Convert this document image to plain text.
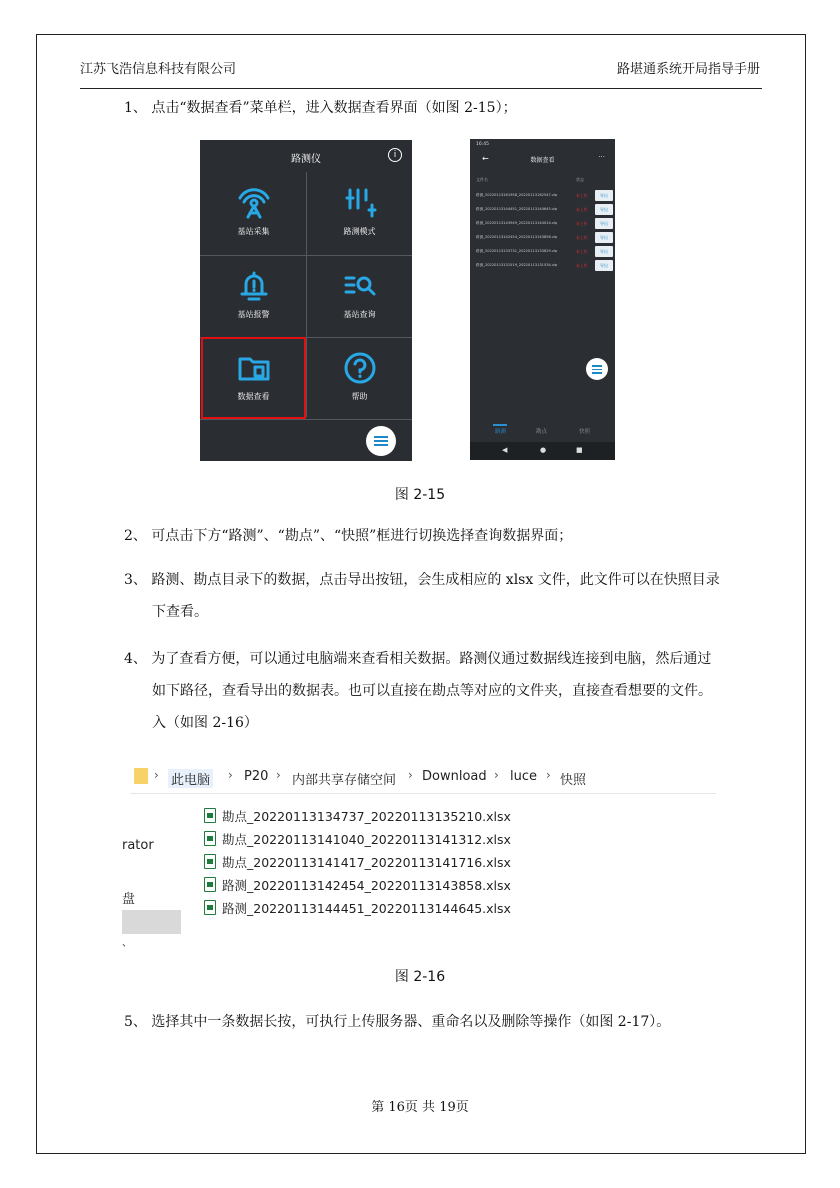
江苏飞浩信息科技有限公司	路堪通系统开局指导手册
1、 点击“数据查看”菜单栏，进入数据查看界面（如图 2-15）；
路测仪	i
基站采集	路测模式
基站报警	基站查询
数据查看	帮助
16:45
←	数据查看	···
文件名	状态
路测_20220113161958_20220113162547.zip	未上传	导出
路测_20220113144451_20220113144645.zip	未上传	导出
路测_20220113143949_20220113144014.zip	未上传	导出
路测_20220113142454_20220113143858.zip	未上传	导出
路测_20220113133731_20220113133829.zip	未上传	导出
路测_20220113131519_20220113131534.zip	未上传	导出
路测	勘点	快照
◀	●	■
图 2-15
2、 可点击下方“路测”、“勘点”、“快照”框进行切换选择查询数据界面；
3、 路测、勘点目录下的数据，点击导出按钮，会生成相应的 xlsx 文件，此文件可以在快照目录
下查看。
4、 为了查看方便，可以通过电脑端来查看相关数据。路测仪通过数据线连接到电脑，然后通过
如下路径，查看导出的数据表。也可以直接在勘点等对应的文件夹，直接查看想要的文件。
入（如图 2-16）
› 此电脑 › P20 › 内部共享存储空间 › Download › luce › 快照
rator
盘
、
勘点_20220113134737_20220113135210.xlsx
勘点_20220113141040_20220113141312.xlsx
勘点_20220113141417_20220113141716.xlsx
路测_20220113142454_20220113143858.xlsx
路测_20220113144451_20220113144645.xlsx
图 2-16
5、 选择其中一条数据长按，可执行上传服务器、重命名以及删除等操作（如图 2-17）。
第 16页 共 19页
